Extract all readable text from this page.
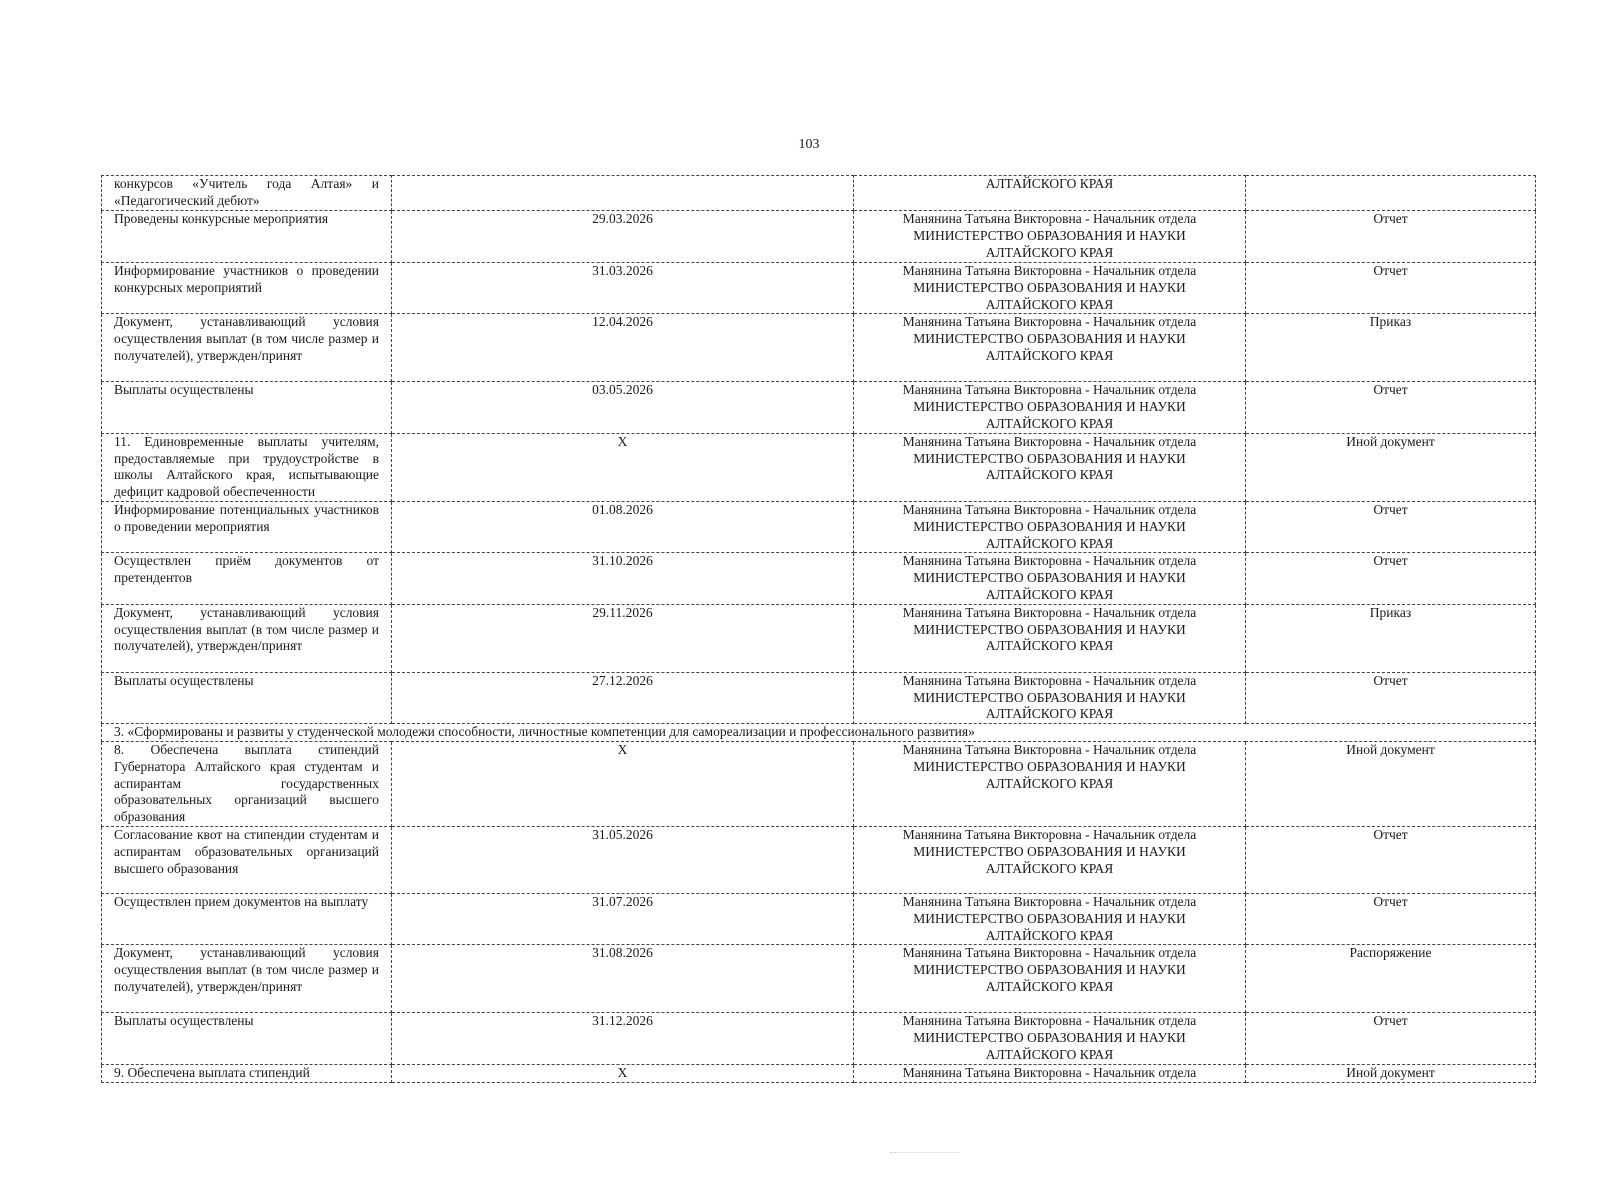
103
конкурсов «Учитель года Алтая» и «Педагогический дебют»		АЛТАЙСКОГО КРАЯ	

Проведены конкурсные мероприятия	29.03.2026	Манянина Татьяна Викторовна - Начальник отдела
МИНИСТЕРСТВО ОБРАЗОВАНИЯ И НАУКИ
АЛТАЙСКОГО КРАЯ	Отчет
Информирование участников о проведении конкурсных мероприятий	31.03.2026	Манянина Татьяна Викторовна - Начальник отдела
МИНИСТЕРСТВО ОБРАЗОВАНИЯ И НАУКИ
АЛТАЙСКОГО КРАЯ	Отчет
Документ, устанавливающий условия осуществления выплат (в том числе размер и получателей), утвержден/принят	12.04.2026	Манянина Татьяна Викторовна - Начальник отдела
МИНИСТЕРСТВО ОБРАЗОВАНИЯ И НАУКИ
АЛТАЙСКОГО КРАЯ	Приказ
Выплаты осуществлены	03.05.2026	Манянина Татьяна Викторовна - Начальник отдела
МИНИСТЕРСТВО ОБРАЗОВАНИЯ И НАУКИ
АЛТАЙСКОГО КРАЯ	Отчет
11. Единовременные выплаты учителям, предоставляемые при трудоустройстве в школы Алтайского края, испытывающие дефицит кадровой обеспеченности	X	Манянина Татьяна Викторовна - Начальник отдела
МИНИСТЕРСТВО ОБРАЗОВАНИЯ И НАУКИ
АЛТАЙСКОГО КРАЯ	Иной документ
Информирование потенциальных участников о проведении мероприятия	01.08.2026	Манянина Татьяна Викторовна - Начальник отдела
МИНИСТЕРСТВО ОБРАЗОВАНИЯ И НАУКИ
АЛТАЙСКОГО КРАЯ	Отчет
Осуществлен приём документов от претендентов	31.10.2026	Манянина Татьяна Викторовна - Начальник отдела
МИНИСТЕРСТВО ОБРАЗОВАНИЯ И НАУКИ
АЛТАЙСКОГО КРАЯ	Отчет
Документ, устанавливающий условия осуществления выплат (в том числе размер и получателей), утвержден/принят	29.11.2026	Манянина Татьяна Викторовна - Начальник отдела
МИНИСТЕРСТВО ОБРАЗОВАНИЯ И НАУКИ
АЛТАЙСКОГО КРАЯ	Приказ
Выплаты осуществлены	27.12.2026	Манянина Татьяна Викторовна - Начальник отдела
МИНИСТЕРСТВО ОБРАЗОВАНИЯ И НАУКИ
АЛТАЙСКОГО КРАЯ	Отчет
3. «Сформированы и развиты у студенческой молодежи способности, личностные компетенции для самореализации и профессионального развития»			
8. Обеспечена выплата стипендий Губернатора Алтайского края студентам и аспирантам государственных образовательных организаций высшего образования	X	Манянина Татьяна Викторовна - Начальник отдела
МИНИСТЕРСТВО ОБРАЗОВАНИЯ И НАУКИ
АЛТАЙСКОГО КРАЯ	Иной документ
Согласование квот на стипендии студентам и аспирантам образовательных организаций высшего образования	31.05.2026	Манянина Татьяна Викторовна - Начальник отдела
МИНИСТЕРСТВО ОБРАЗОВАНИЯ И НАУКИ
АЛТАЙСКОГО КРАЯ	Отчет
Осуществлен прием документов на выплату	31.07.2026	Манянина Татьяна Викторовна - Начальник отдела
МИНИСТЕРСТВО ОБРАЗОВАНИЯ И НАУКИ
АЛТАЙСКОГО КРАЯ	Отчет
Документ, устанавливающий условия осуществления выплат (в том числе размер и получателей), утвержден/принят	31.08.2026	Манянина Татьяна Викторовна - Начальник отдела
МИНИСТЕРСТВО ОБРАЗОВАНИЯ И НАУКИ
АЛТАЙСКОГО КРАЯ	Распоряжение
Выплаты осуществлены	31.12.2026	Манянина Татьяна Викторовна - Начальник отдела
МИНИСТЕРСТВО ОБРАЗОВАНИЯ И НАУКИ
АЛТАЙСКОГО КРАЯ	Отчет
9. Обеспечена выплата стипендий	X	Манянина Татьяна Викторовна - Начальник отдела	Иной документ
